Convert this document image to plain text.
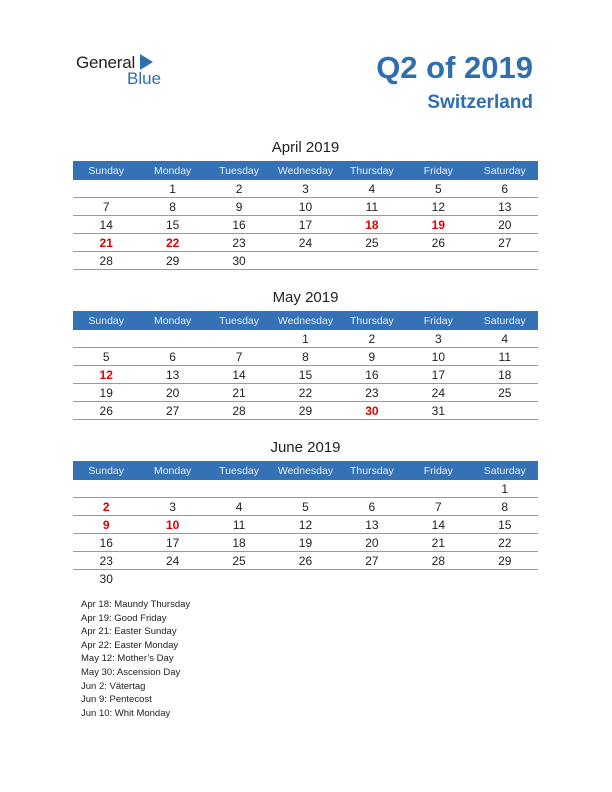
General
Blue	Q2 of 2019
Switzerland
April 2019
Sunday	Monday	Tuesday	Wednesday	Thursday	Friday	Saturday
	1	2	3	4	5	6
7	8	9	10	11	12	13
14	15	16	17	18	19	20
21	22	23	24	25	26	27
28	29	30				
May 2019
Sunday	Monday	Tuesday	Wednesday	Thursday	Friday	Saturday
			1	2	3	4
5	6	7	8	9	10	11
12	13	14	15	16	17	18
19	20	21	22	23	24	25
26	27	28	29	30	31	
June 2019
Sunday	Monday	Tuesday	Wednesday	Thursday	Friday	Saturday
						1
2	3	4	5	6	7	8
9	10	11	12	13	14	15
16	17	18	19	20	21	22
23	24	25	26	27	28	29
30						
Apr 18: Maundy Thursday
Apr 19: Good Friday
Apr 21: Easter Sunday
Apr 22: Easter Monday
May 12: Mother’s Day
May 30: Ascension Day
Jun 2: Vätertag
Jun 9: Pentecost
Jun 10: Whit Monday
